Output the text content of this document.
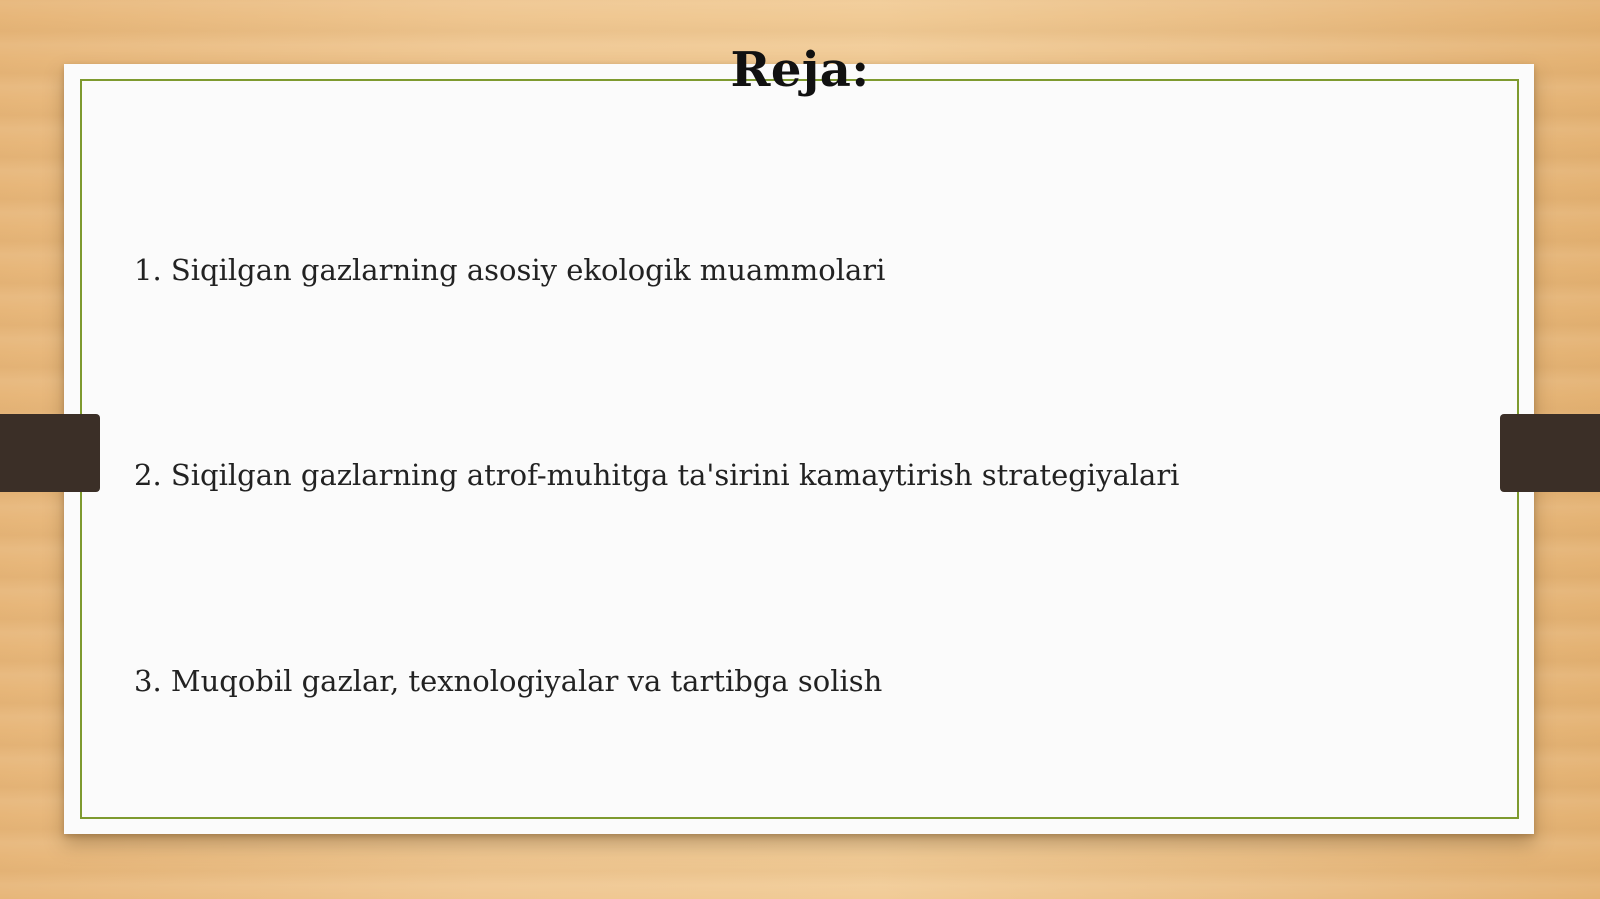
Reja:

1. Siqilgan gazlarning asosiy ekologik muammolari

2. Siqilgan gazlarning atrof-muhitga ta'sirini kamaytirish strategiyalari

3. Muqobil gazlar, texnologiyalar va tartibga solish
